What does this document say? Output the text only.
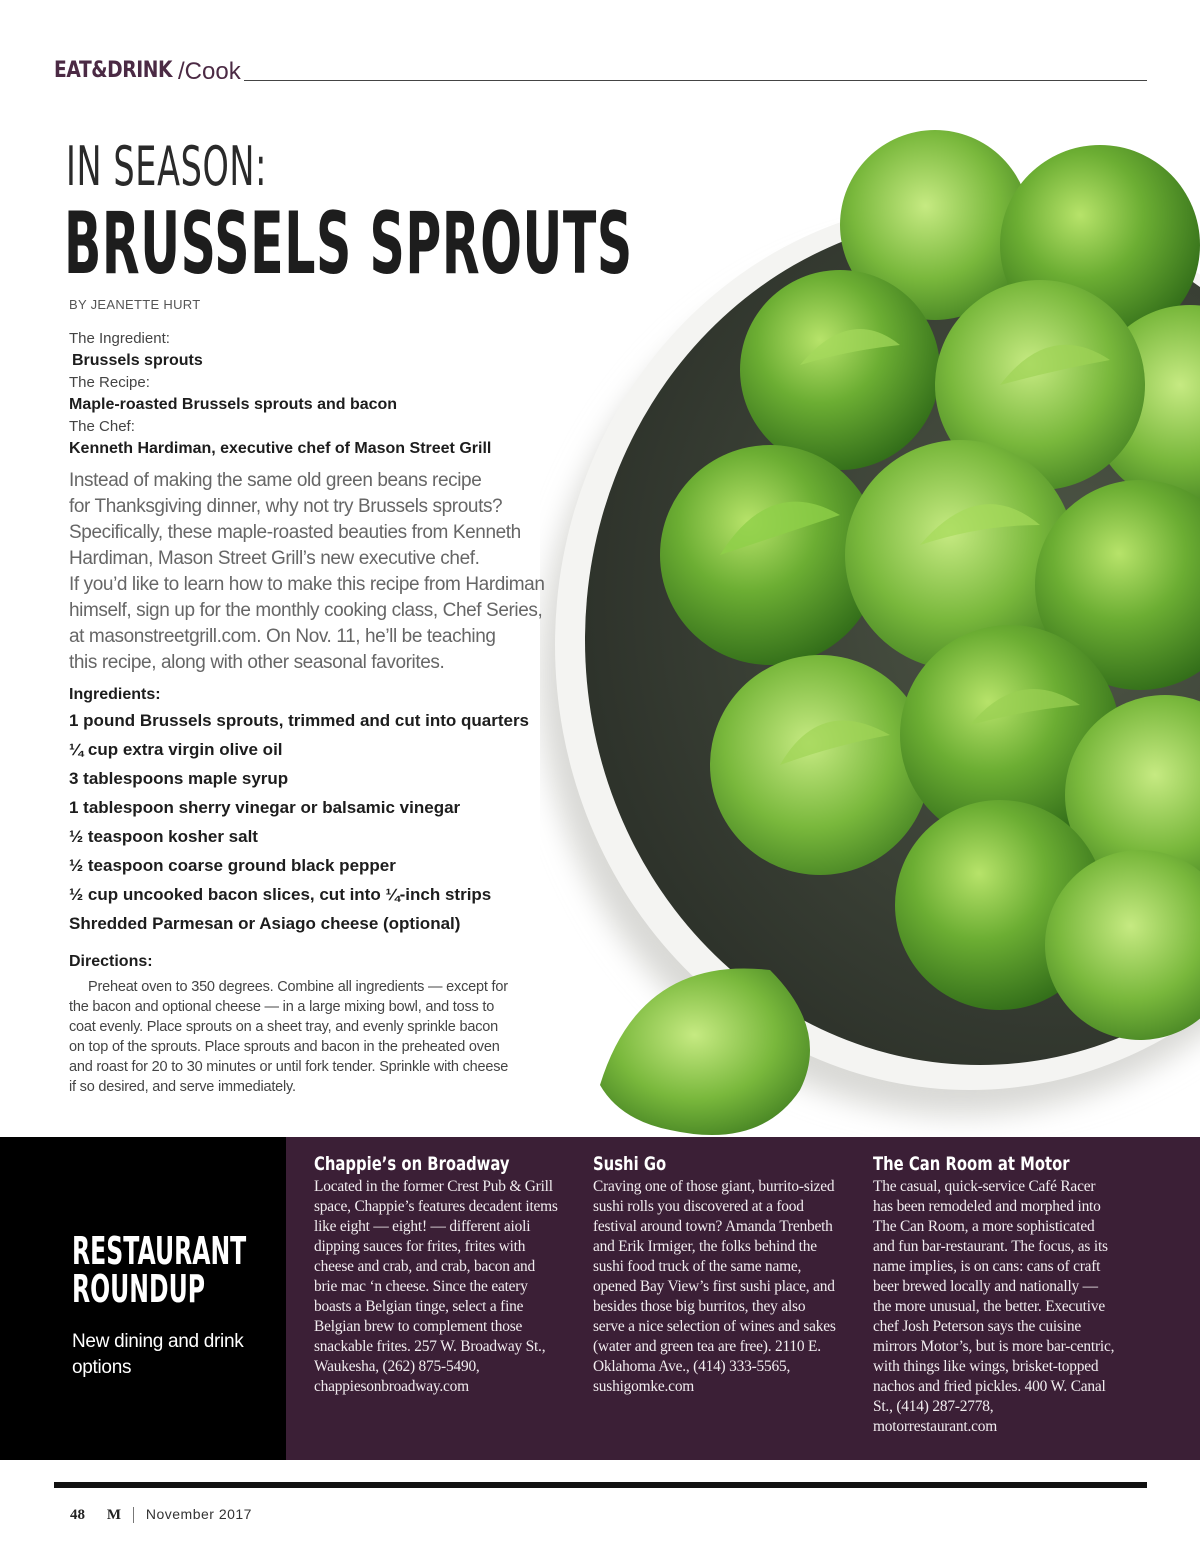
EAT&DRINK /Cook
IN SEASON:
BRUSSELS SPROUTS
BY JEANETTE HURT
The Ingredient:
Brussels sprouts
The Recipe:
Maple-roasted Brussels sprouts and bacon
The Chef:
Kenneth Hardiman, executive chef of Mason Street Grill
Instead of making the same old green beans recipe
for Thanksgiving dinner, why not try Brussels sprouts?
Specifically, these maple-roasted beauties from Kenneth
Hardiman, Mason Street Grill’s new executive chef.
If you’d like to learn how to make this recipe from Hardiman
himself, sign up for the monthly cooking class, Chef Series,
at masonstreetgrill.com. On Nov. 11, he’ll be teaching
this recipe, along with other seasonal favorites.
Ingredients:
1 pound Brussels sprouts, trimmed and cut into quarters
¼ cup extra virgin olive oil
3 tablespoons maple syrup
1 tablespoon sherry vinegar or balsamic vinegar
½ teaspoon kosher salt
½ teaspoon coarse ground black pepper
½ cup uncooked bacon slices, cut into ¼-inch strips
Shredded Parmesan or Asiago cheese (optional)
Directions:
Preheat oven to 350 degrees. Combine all ingredients — except for the bacon and optional cheese — in a large mixing bowl, and toss to coat evenly. Place sprouts on a sheet tray, and evenly sprinkle bacon on top of the sprouts. Place sprouts and bacon in the preheated oven and roast for 20 to 30 minutes or until fork tender. Sprinkle with cheese if so desired, and serve immediately.
RESTAURANT
ROUNDUP
New dining and drink options
Chappie’s on Broadway

Located in the former Crest Pub & Grill space, Chappie’s features decadent items like eight — eight! — different aioli dipping sauces for frites, frites with cheese and crab, and crab, bacon and brie mac ‘n cheese. Since the eatery boasts a Belgian tinge, select a fine Belgian brew to complement those snackable frites. 257 W. Broadway St., Waukesha, (262) 875-5490, chappiesonbroadway.com

Sushi Go

Craving one of those giant, burrito-sized sushi rolls you discovered at a food festival around town? Amanda Trenbeth and Erik Irmiger, the folks behind the sushi food truck of the same name, opened Bay View’s first sushi place, and besides those big burritos, they also serve a nice selection of wines and sakes (water and green tea are free). 2110 E. Oklahoma Ave., (414) 333-5565, sushigomke.com

The Can Room at Motor

The casual, quick-service Café Racer has been remodeled and morphed into The Can Room, a more sophisticated and fun bar-restaurant. The focus, as its name implies, is on cans: cans of craft beer brewed locally and nationally — the more unusual, the better. Executive chef Josh Peterson says the cuisine mirrors Motor’s, but is more bar-centric, with things like wings, brisket-topped nachos and fried pickles. 400 W. Canal St., (414) 287-2778, motorrestaurant.com

48 M November 2017
